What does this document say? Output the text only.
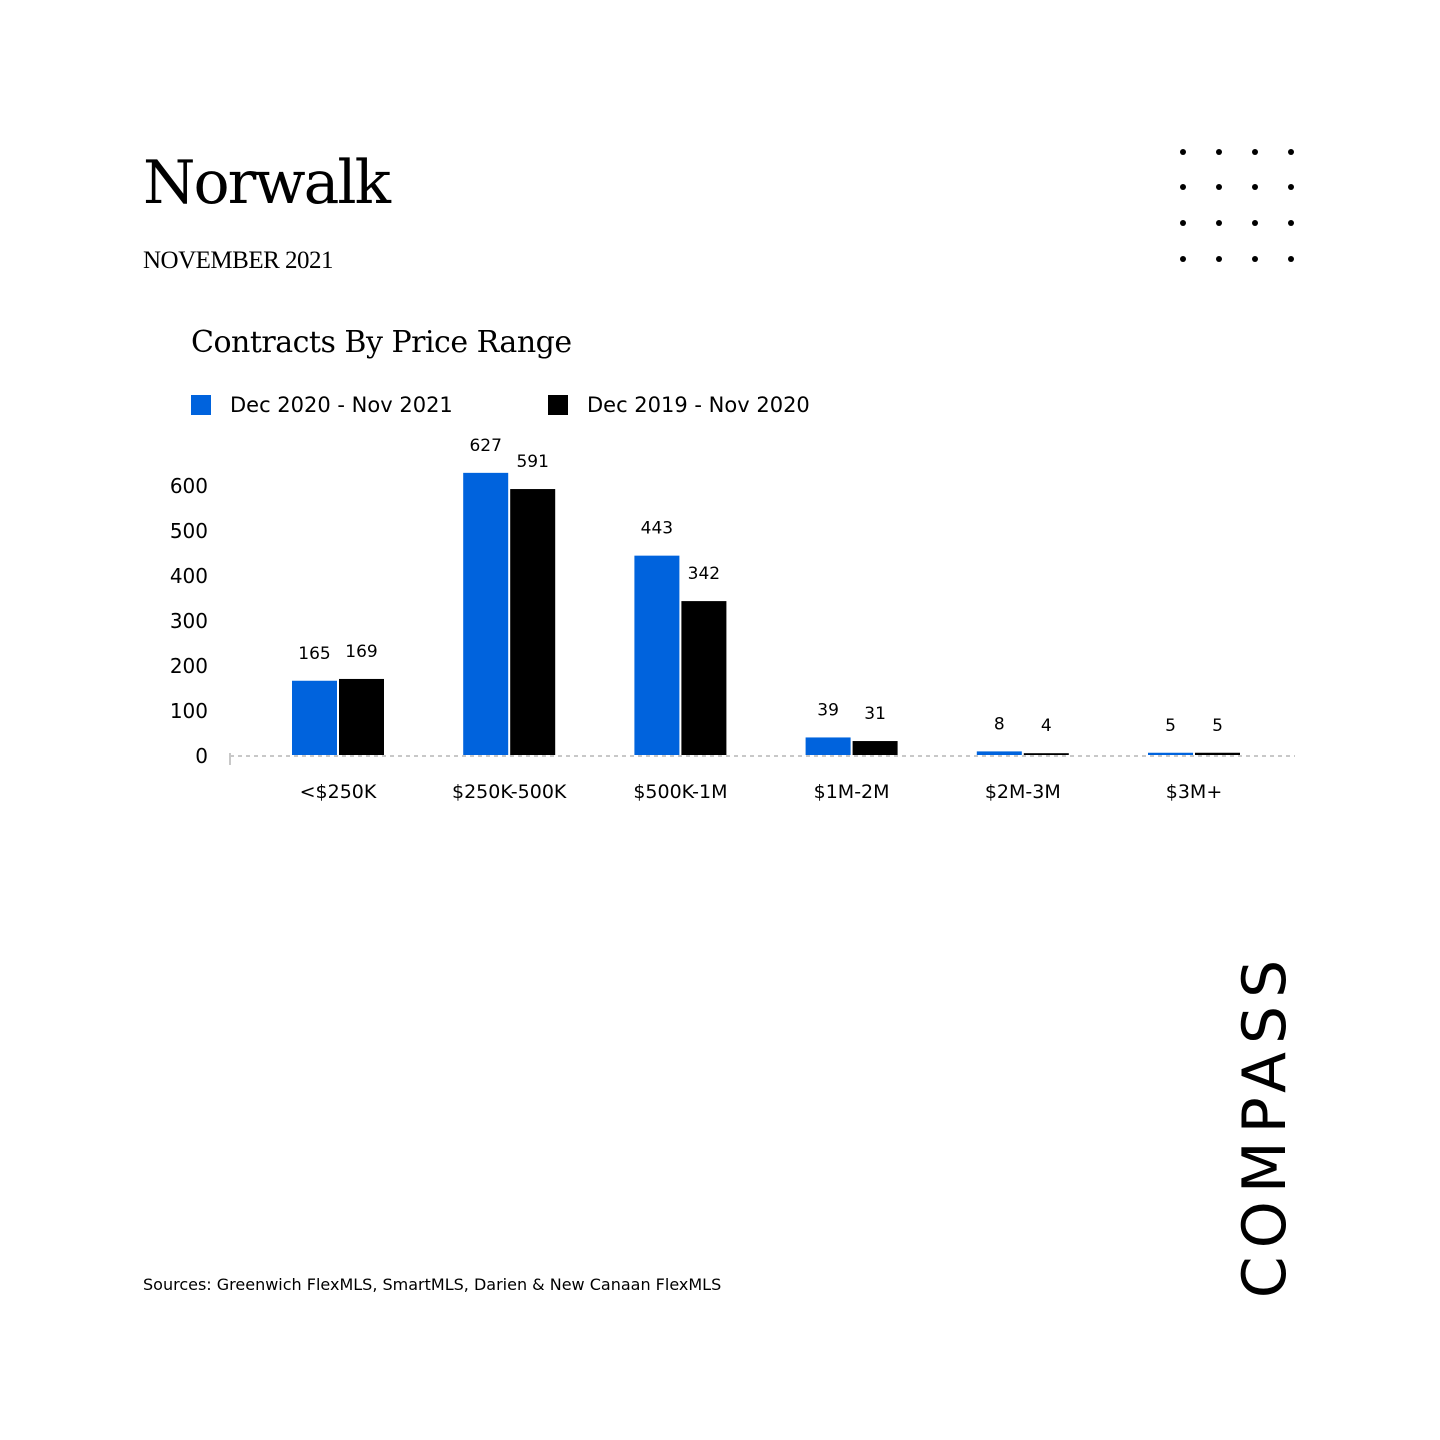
Norwalk
NOVEMBER 2021
Contracts By Price Range
Dec 2020 - Nov 2021	Dec 2019 - Nov 2020
0
100
200
300
400
500
600
165 169
<$250K
627
591
$250K-500K
443
342
$500K-1M
39 31
$1M-2M
8 4
$2M-3M
5 5
$3M+
Sources: Greenwich FlexMLS, SmartMLS, Darien & New Canaan FlexMLS	COMPASS
